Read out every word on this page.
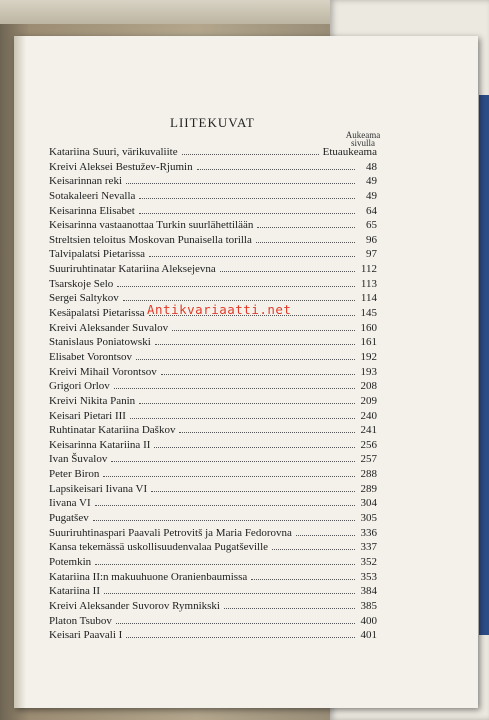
LIITEKUVAT
Aukeama
sivulla
Katariina Suuri, värikuvaliite	Etuaukeama
Kreivi Aleksei Bestužev-Rjumin	48
Keisarinnan reki	49
Sotakaleeri Nevalla	49
Keisarinna Elisabet	64
Keisarinna vastaanottaa Turkin suurlähettilään	65
Streltsien teloitus Moskovan Punaisella torilla	96
Talvipalatsi Pietarissa	97
Suuriruhtinatar Katariina Aleksejevna	112
Tsarskoje Selo	113
Sergei Saltykov	114
Kesäpalatsi Pietarissa	145
Kreivi Aleksander Suvalov	160
Stanislaus Poniatowski	161
Elisabet Vorontsov	192
Kreivi Mihail Vorontsov	193
Grigori Orlov	208
Kreivi Nikita Panin	209
Keisari Pietari III	240
Ruhtinatar Katariina Daškov	241
Keisarinna Katariina II	256
Ivan Šuvalov	257
Peter Biron	288
Lapsikeisari Iivana VI	289
Iivana VI	304
Pugatšev	305
Suuriruhtinaspari Paavali Petrovitš ja Maria Fedorovna	336
Kansa tekemässä uskollisuudenvalaa Pugatševille	337
Potemkin	352
Katariina II:n makuuhuone Oranienbaumissa	353
Katariina II	384
Kreivi Aleksander Suvorov Rymnikski	385
Platon Tsubov	400
Keisari Paavali I	401
Antikvariaatti.net
